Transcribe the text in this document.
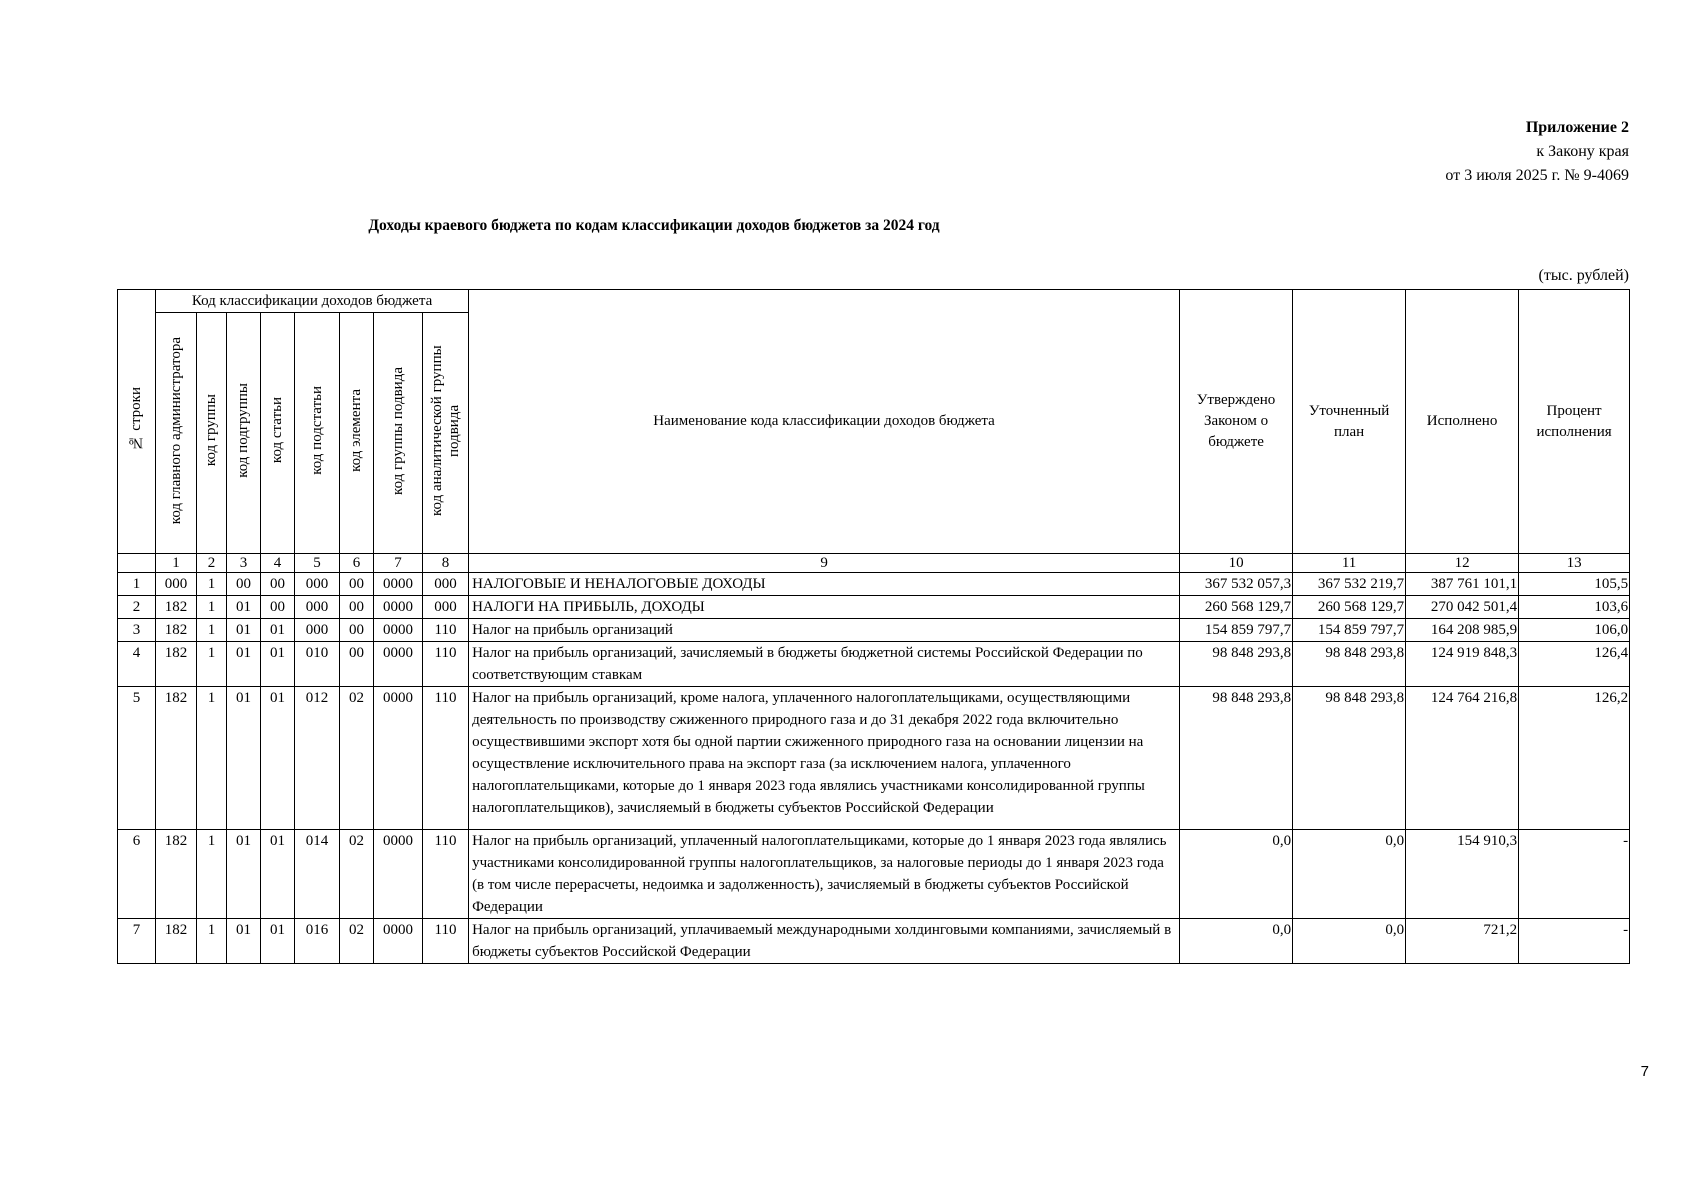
Приложение 2
к Закону края
от 3 июля 2025 г. № 9-4069
Доходы краевого бюджета по кодам классификации доходов бюджетов за 2024 год
(тыс. рублей)
№ строки	Код классификации доходов бюджета								Наименование кода классификации доходов бюджета	Утверждено Законом о бюджете	Уточненный план	Исполнено	Процент исполнения
	код главного администратора	код группы	код подгруппы	код статьи	код подстатьи	код элемента	код группы подвида	код аналитической группы подвида					
	1	2	3	4	5	6	7	8	9	10	11	12	13
1	000	1	00	00	000	00	0000	000	НАЛОГОВЫЕ И НЕНАЛОГОВЫЕ ДОХОДЫ	367 532 057,3	367 532 219,7	387 761 101,1	105,5
2	182	1	01	00	000	00	0000	000	НАЛОГИ НА ПРИБЫЛЬ, ДОХОДЫ	260 568 129,7	260 568 129,7	270 042 501,4	103,6
3	182	1	01	01	000	00	0000	110	Налог на прибыль организаций	154 859 797,7	154 859 797,7	164 208 985,9	106,0
4	182	1	01	01	010	00	0000	110	Налог на прибыль организаций, зачисляемый в бюджеты бюджетной системы Российской Федерации по соответствующим ставкам	98 848 293,8	98 848 293,8	124 919 848,3	126,4
5	182	1	01	01	012	02	0000	110	Налог на прибыль организаций, кроме налога, уплаченного налогоплательщиками, осуществляющими деятельность по производству сжиженного природного газа и до 31 декабря 2022 года включительно осуществившими экспорт хотя бы одной партии сжиженного природного газа на основании лицензии на осуществление исключительного права на экспорт газа (за исключением налога, уплаченного налогоплательщиками, которые до 1 января 2023 года являлись участниками консолидированной группы налогоплательщиков), зачисляемый в бюджеты субъектов Российской Федерации	98 848 293,8	98 848 293,8	124 764 216,8	126,2
6	182	1	01	01	014	02	0000	110	Налог на прибыль организаций, уплаченный налогоплательщиками, которые до 1 января 2023 года являлись участниками консолидированной группы налогоплательщиков, за налоговые периоды до 1 января 2023 года (в том числе перерасчеты, недоимка и задолженность), зачисляемый в бюджеты субъектов Российской Федерации	0,0	0,0	154 910,3	-
7	182	1	01	01	016	02	0000	110	Налог на прибыль организаций, уплачиваемый международными холдинговыми компаниями, зачисляемый в бюджеты субъектов Российской Федерации	0,0	0,0	721,2	-
7
